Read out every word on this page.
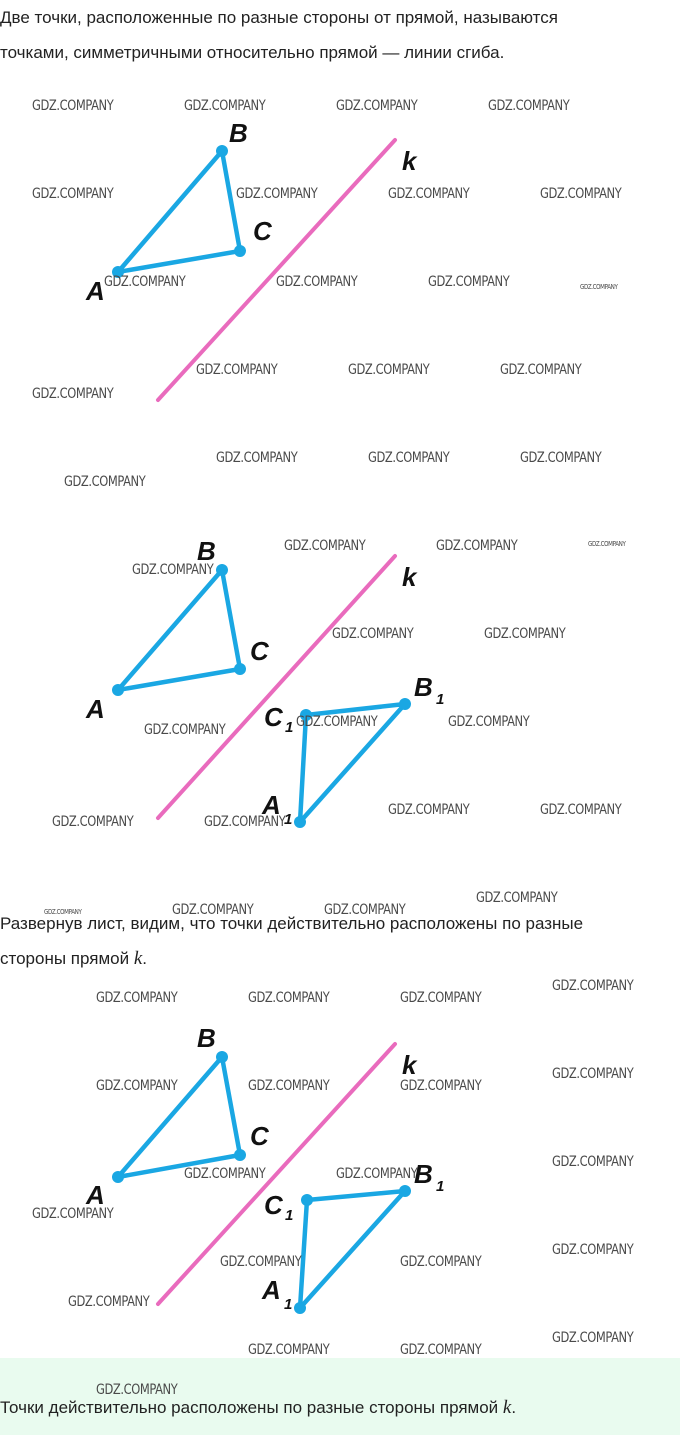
Две точки, расположенные по разные стороны от прямой, называются
точками, симметричными относительно прямой — линии сгиба.
A
B
C
k
A
B
C
k
B 1
C 1
A 1
Развернув лист, видим, что точки действительно расположены по разные
стороны прямой k.
A
B
C
k
B 1
C 1
A 1

Точки действительно расположены по разные стороны прямой k.

GDZ.COMPANY	GDZ.COMPANY	GDZ.COMPANY	GDZ.COMPANY
GDZ.COMPANY	GDZ.COMPANY	GDZ.COMPANY	GDZ.COMPANY
GDZ.COMPANY	GDZ.COMPANY	GDZ.COMPANY	GDZ.COMPANY
GDZ.COMPANY	GDZ.COMPANY	GDZ.COMPANY
GDZ.COMPANY
GDZ.COMPANY	GDZ.COMPANY	GDZ.COMPANY
GDZ.COMPANY
GDZ.COMPANY	GDZ.COMPANY	GDZ.COMPANY
GDZ.COMPANY
GDZ.COMPANY	GDZ.COMPANY
GDZ.COMPANY	GDZ.COMPANY	GDZ.COMPANY
GDZ.COMPANY	GDZ.COMPANY
GDZ.COMPANY	GDZ.COMPANY
GDZ.COMPANY
GDZ.COMPANY	GDZ.COMPANY	GDZ.COMPANY
GDZ.COMPANY
GDZ.COMPANY	GDZ.COMPANY	GDZ.COMPANY
GDZ.COMPANY
GDZ.COMPANY	GDZ.COMPANY	GDZ.COMPANY
GDZ.COMPANY
GDZ.COMPANY	GDZ.COMPANY
GDZ.COMPANY
GDZ.COMPANY
GDZ.COMPANY	GDZ.COMPANY
GDZ.COMPANY
GDZ.COMPANY
GDZ.COMPANY	GDZ.COMPANY
GDZ.COMPANY
